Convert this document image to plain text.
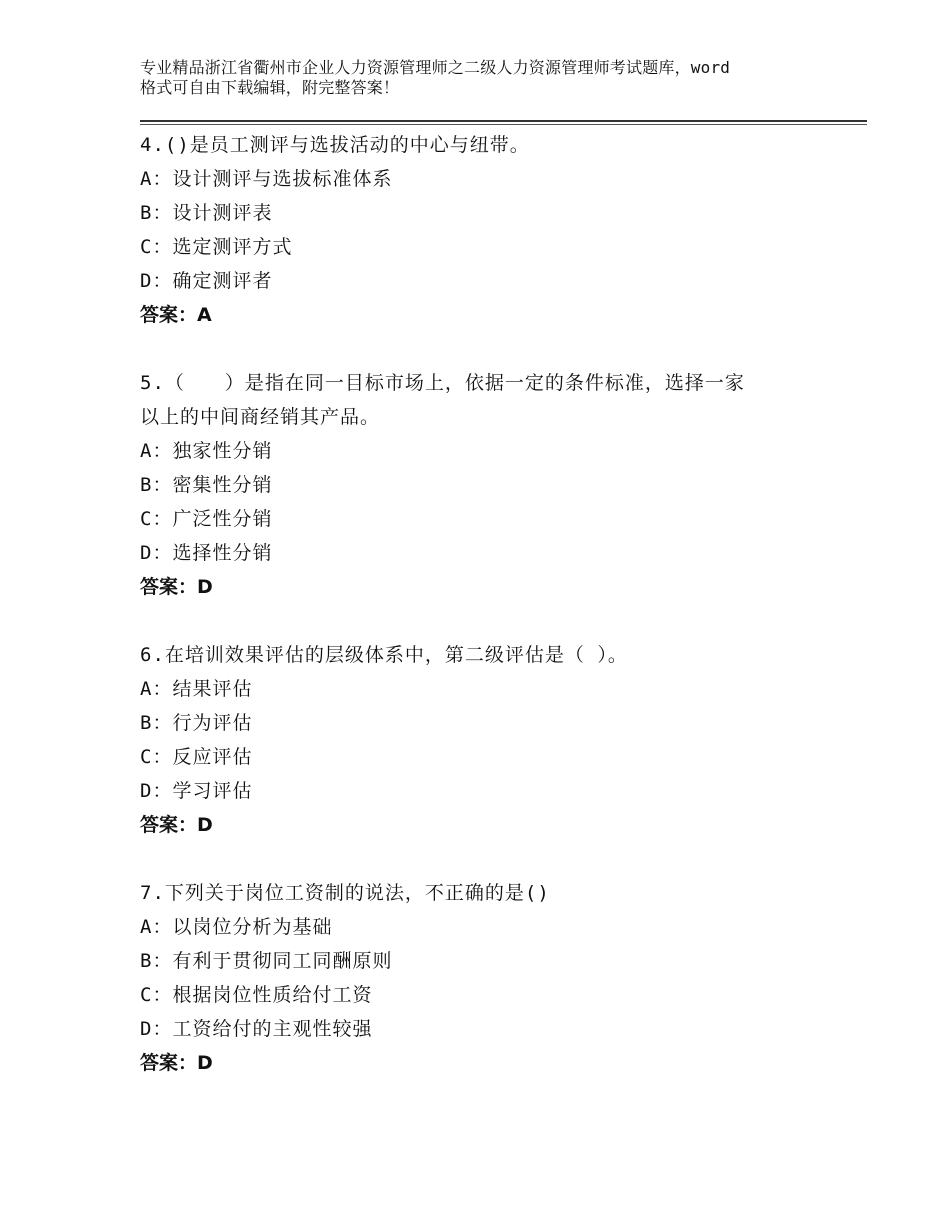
专业精品浙江省衢州市企业人力资源管理师之二级人力资源管理师考试题库，word
格式可自由下载编辑，附完整答案！
4.()是员工测评与选拔活动的中心与纽带。
A：设计测评与选拔标准体系
B：设计测评表
C：选定测评方式
D：确定测评者
答案：A
5.（　　）是指在同一目标市场上，依据一定的条件标准，选择一家
以上的中间商经销其产品。
A：独家性分销
B：密集性分销
C：广泛性分销
D：选择性分销
答案：D
6.在培训效果评估的层级体系中，第二级评估是（ ）。
A：结果评估
B：行为评估
C：反应评估
D：学习评估
答案：D
7.下列关于岗位工资制的说法，不正确的是()
A：以岗位分析为基础
B：有利于贯彻同工同酬原则
C：根据岗位性质给付工资
D：工资给付的主观性较强
答案：D
